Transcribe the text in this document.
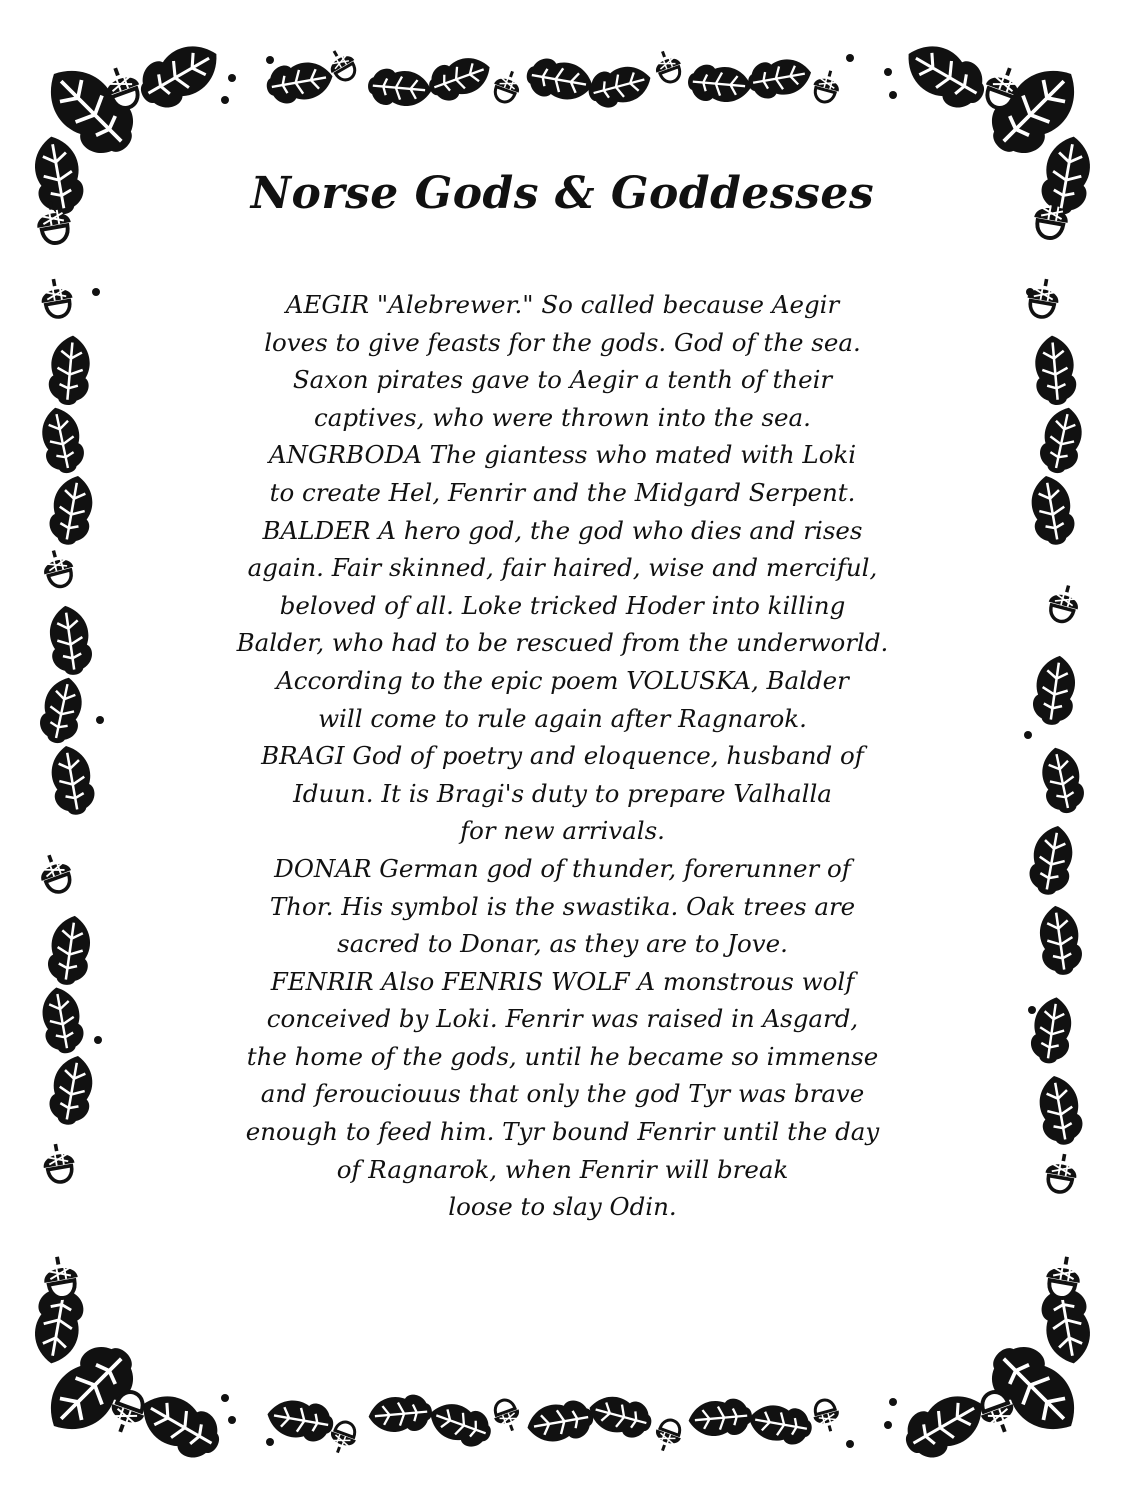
Norse Gods & Goddesses
AEGIR "Alebrewer." So called because Aegir
loves to give feasts for the gods. God of the sea.
Saxon pirates gave to Aegir a tenth of their
captives, who were thrown into the sea.
ANGRBODA The giantess who mated with Loki
to create Hel, Fenrir and the Midgard Serpent.
BALDER A hero god, the god who dies and rises
again. Fair skinned, fair haired, wise and merciful,
beloved of all. Loke tricked Hoder into killing
Balder, who had to be rescued from the underworld.
According to the epic poem VOLUSKA, Balder
will come to rule again after Ragnarok.
BRAGI God of poetry and eloquence, husband of
Iduun. It is Bragi's duty to prepare Valhalla
for new arrivals.
DONAR German god of thunder, forerunner of
Thor. His symbol is the swastika. Oak trees are
sacred to Donar, as they are to Jove.
FENRIR Also FENRIS WOLF A monstrous wolf
conceived by Loki. Fenrir was raised in Asgard,
the home of the gods, until he became so immense
and ferouciouus that only the god Tyr was brave
enough to feed him. Tyr bound Fenrir until the day
of Ragnarok, when Fenrir will break
loose to slay Odin.
